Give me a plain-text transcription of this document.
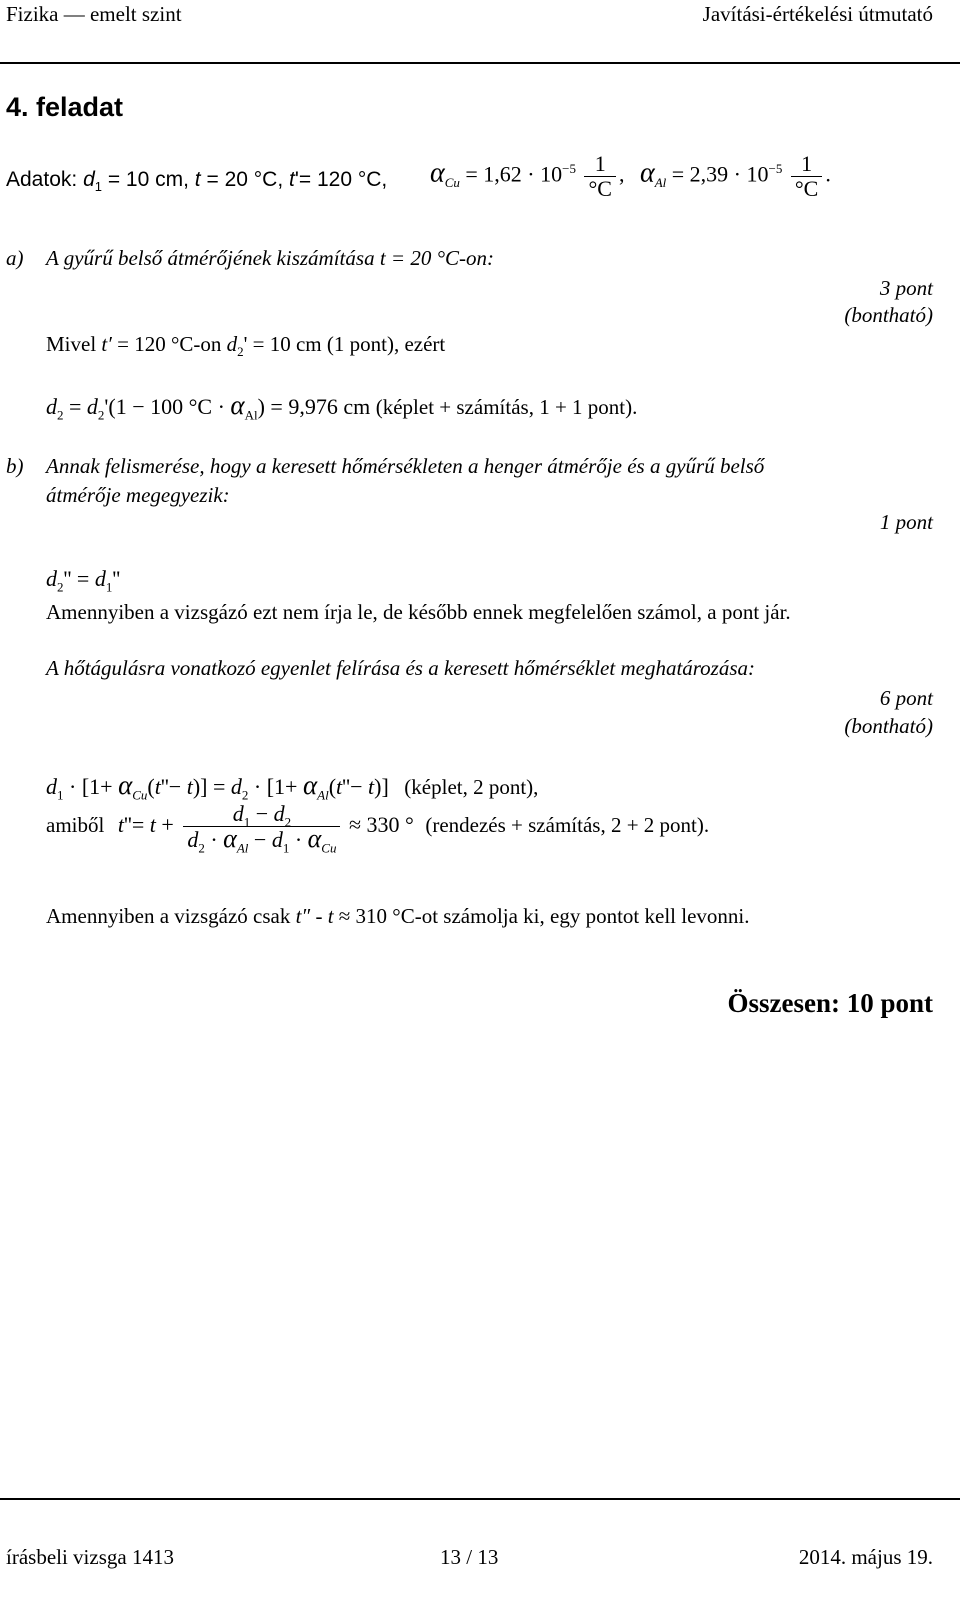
Fizika — emelt szint	Javítási-értékelési útmutató
4. feladat
Adatok: $d_1 = 10$ cm, t = 20 °C, t'= 120 °C, $\alpha_{Cu} = 1,62 \cdot 10^{-5} \frac{1}{^\circ C}$ , $\alpha_{Al} = 2,39 \cdot 10^{-5} \frac{1}{^\circ C}$ .
a) A gyűrű belső átmérőjének kiszámítása t = 20 °C-on:
3 pont
(bontható)
Mivel t′ = 120 °C-on $d_2' = 10$ cm (1 pont), ezért
$d_2 = d_2'(1 - 100$ $^\circ C \cdot \alpha_{Al}) = 9,976$ cm (képlet + számítás, 1 + 1 pont).
b) Annak felismerése, hogy a keresett hőmérsékleten a henger átmérője és a gyűrű belső
átmérője megegyezik:
1 pont
$d_2'' = d_1''$
Amennyiben a vizsgázó ezt nem írja le, de később ennek megfelelően számol, a pont jár.
A hőtágulásra vonatkozó egyenlet felírása és a keresett hőmérséklet meghatározása:
6 pont
(bontható)
$d_1 \cdot [1+ \alpha_{Cu}(t''- t)] = d_2 \cdot [1+ \alpha_{Al}(t''- t)]$ (képlet, 2 pont),
amiből $t''= t + \frac{d_1 - d_2}{d_2 \cdot \alpha_{Al} - d_1 \cdot \alpha_{Cu}} \approx 330$ ° (rendezés + számítás, 2 + 2 pont).
Amennyiben a vizsgázó csak t″ - t ≈ 310 °C-ot számolja ki, egy pontot kell levonni.
Összesen: 10 pont
írásbeli vizsga 1413	13 / 13	2014. május 19.
